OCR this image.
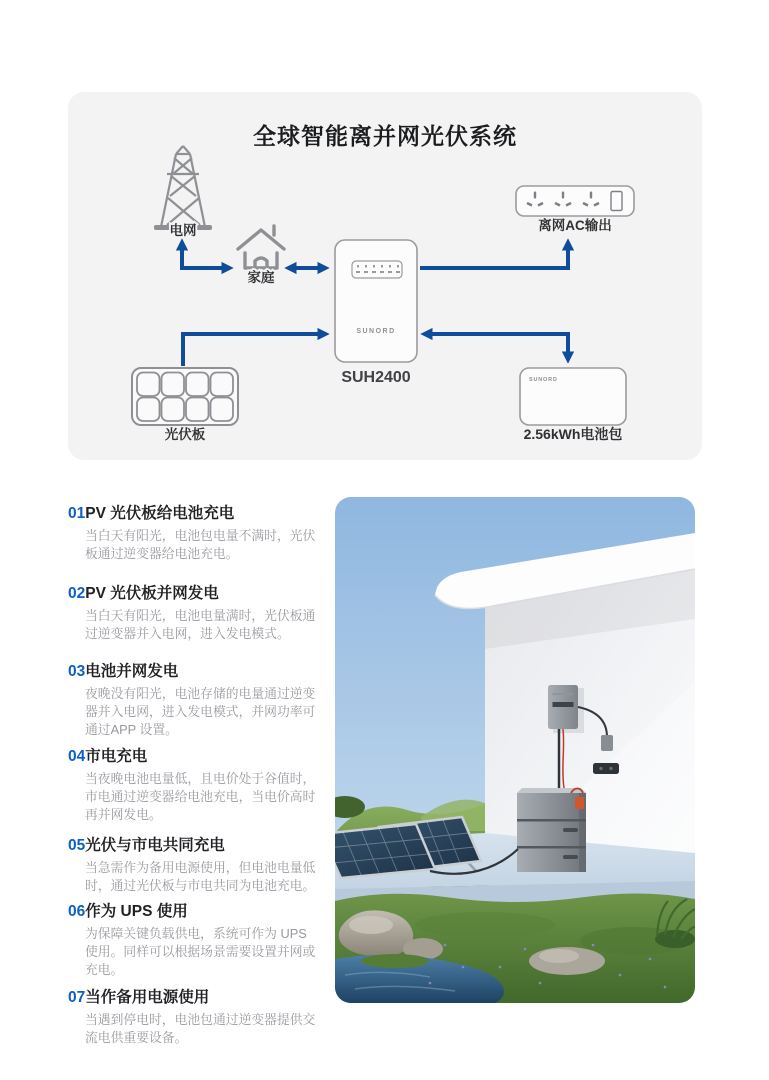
全球智能离并网光伏系统
电网
家庭
SUNORD
SUH2400
离网AC输出
光伏板
SUNORD
2.56kWh电池包
01PV 光伏板给电池充电

当白天有阳光，电池包电量不满时，光伏板通过逆变器给电池充电。

02PV 光伏板并网发电

当白天有阳光，电池电量满时，光伏板通过逆变器并入电网，进入发电模式。

03电池并网发电

夜晚没有阳光，电池存储的电量通过逆变器并入电网，进入发电模式，并网功率可通过APP 设置。

04市电充电

当夜晚电池电量低，且电价处于谷值时，市电通过逆变器给电池充电，当电价高时再并网发电。

05光伏与市电共同充电

当急需作为备用电源使用，但电池电量低时，通过光伏板与市电共同为电池充电。

06作为 UPS 使用

为保障关键负载供电，系统可作为 UPS 使用。同样可以根据场景需要设置并网或充电。

07当作备用电源使用

当遇到停电时，电池包通过逆变器提供交流电供重要设备。
